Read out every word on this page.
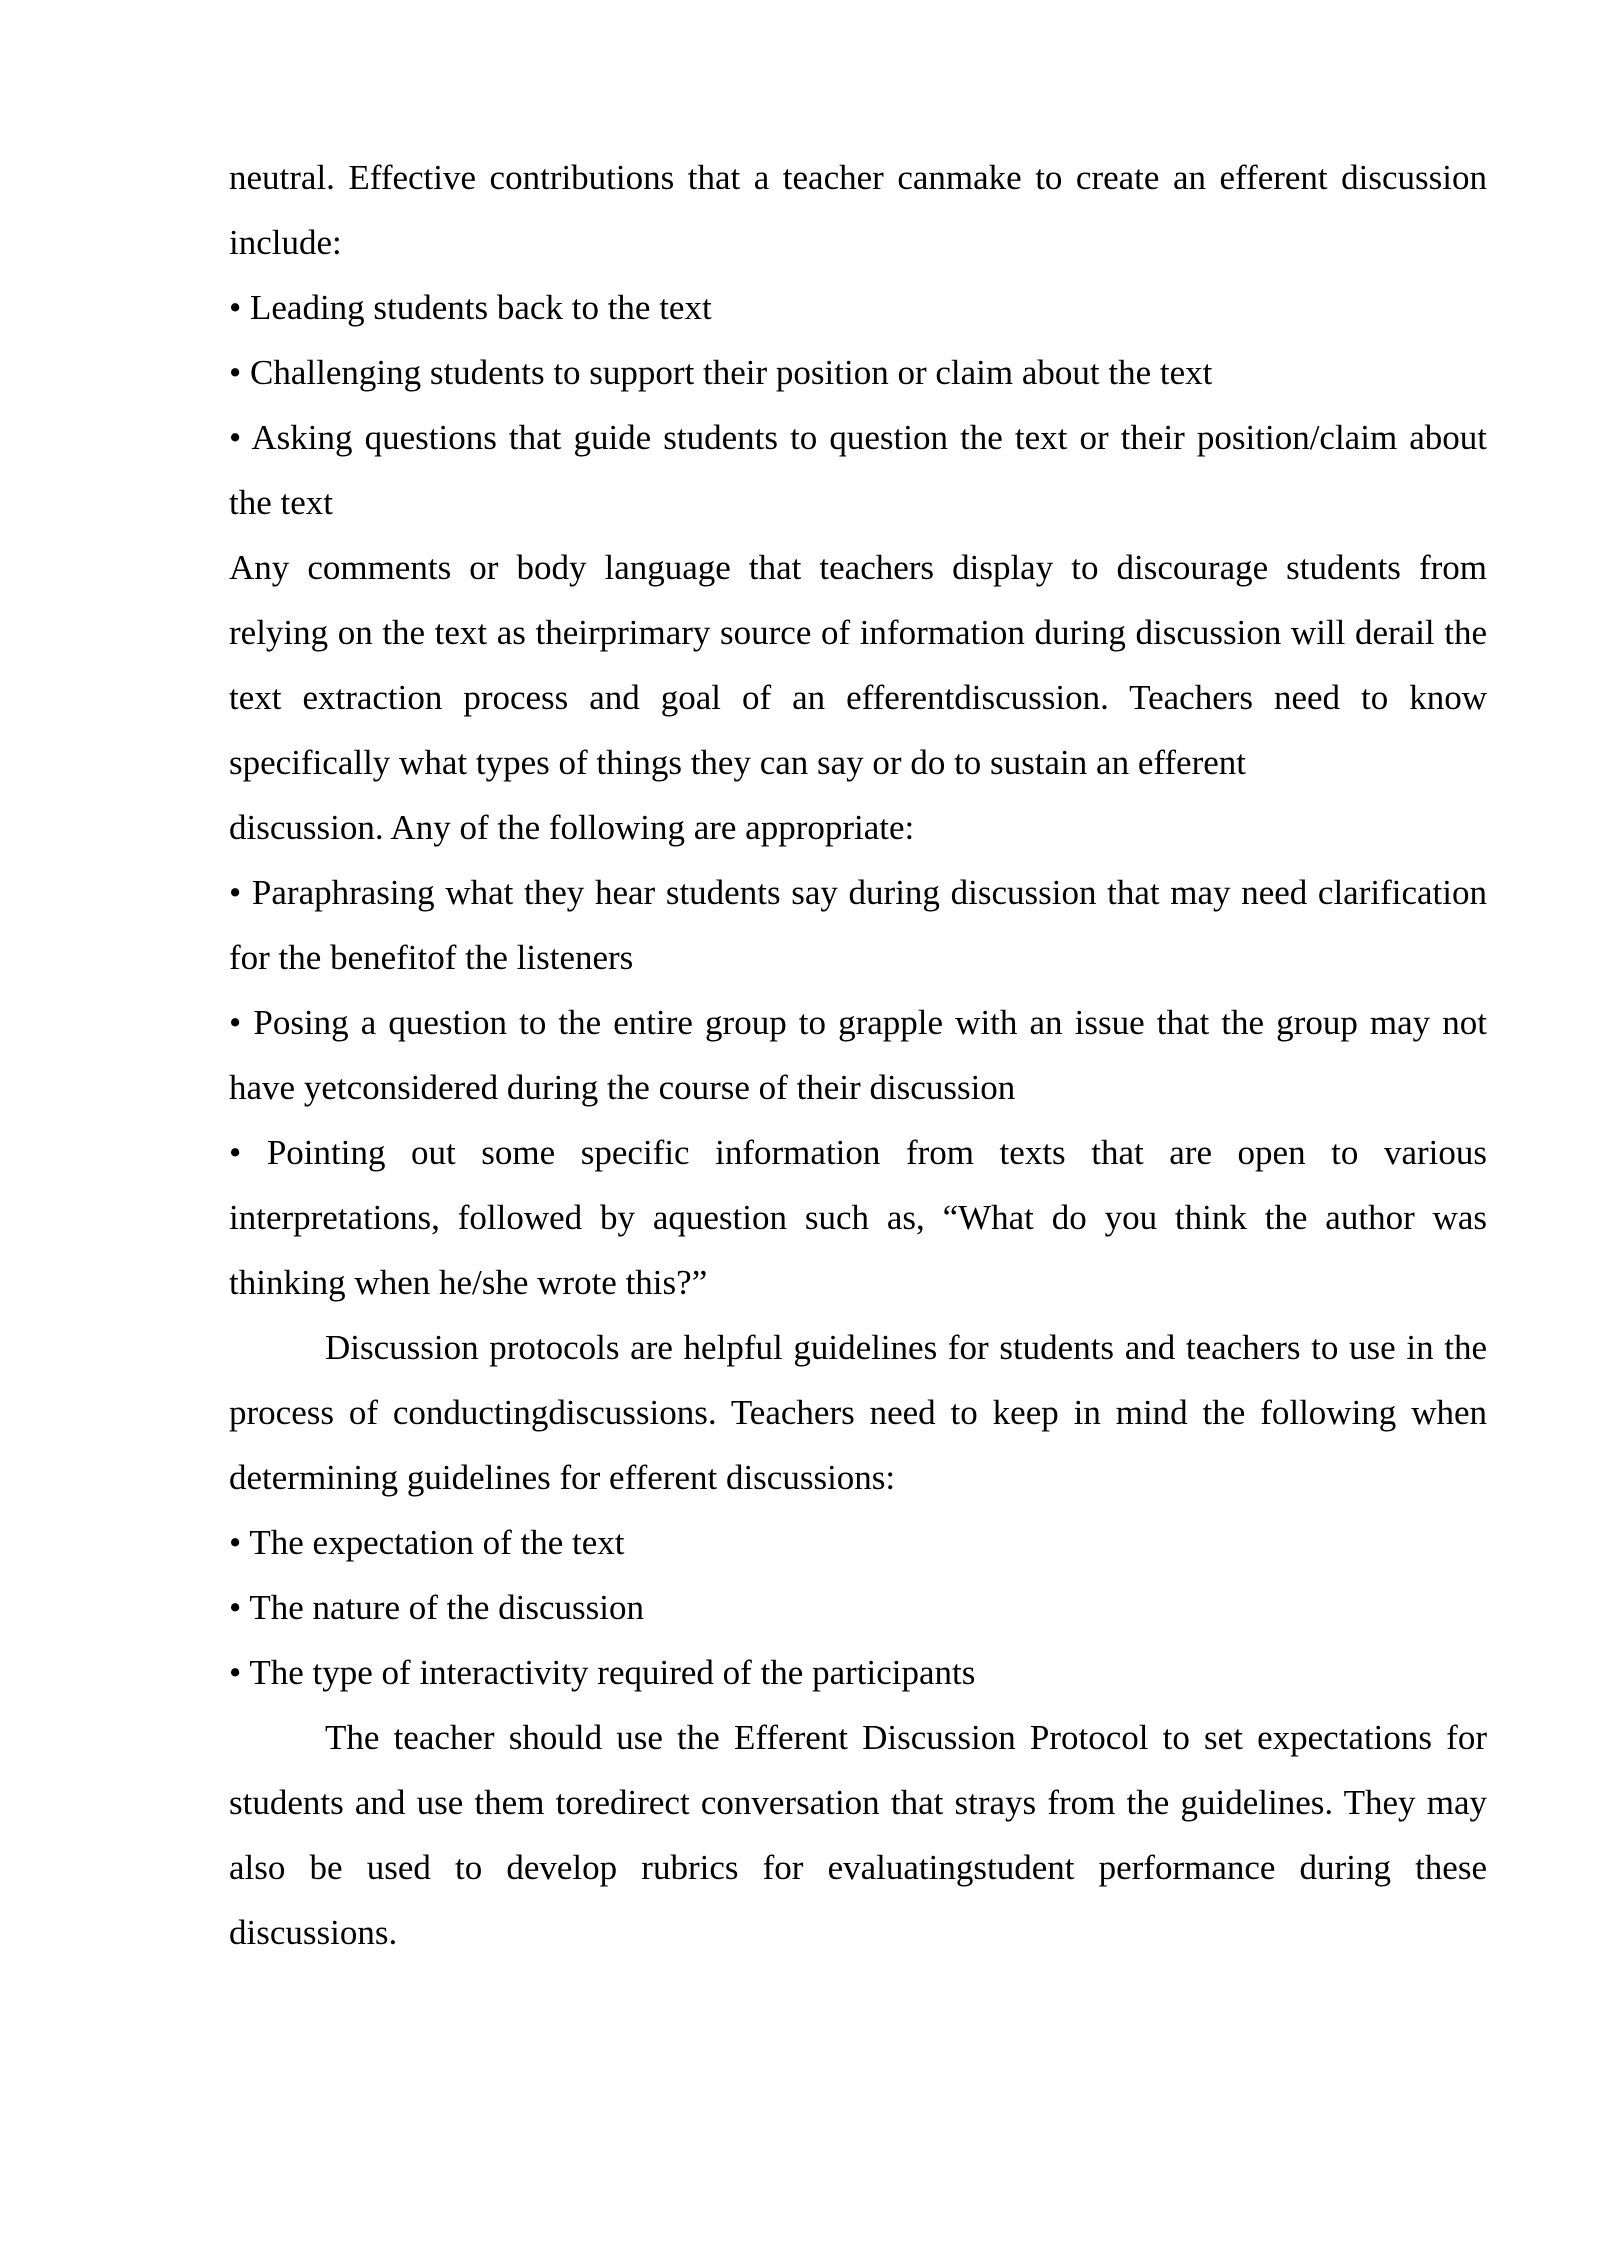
neutral. Effective contributions that a teacher canmake to create an efferent discussion include:

• Leading students back to the text

• Challenging students to support their position or claim about the text

• Asking questions that guide students to question the text or their position/claim about the text

Any comments or body language that teachers display to discourage students from relying on the text as theirprimary source of information during discussion will derail the text extraction process and goal of an efferentdiscussion. Teachers need to know specifically what types of things they can say or do to sustain an efferent

discussion. Any of the following are appropriate:

• Paraphrasing what they hear students say during discussion that may need clarification for the benefitof the listeners

• Posing a question to the entire group to grapple with an issue that the group may not have yetconsidered during the course of their discussion

• Pointing out some specific information from texts that are open to various interpretations, followed by aquestion such as, “What do you think the author was thinking when he/she wrote this?”

Discussion protocols are helpful guidelines for students and teachers to use in the process of conductingdiscussions. Teachers need to keep in mind the following when determining guidelines for efferent discussions:

• The expectation of the text

• The nature of the discussion

• The type of interactivity required of the participants

The teacher should use the Efferent Discussion Protocol to set expectations for students and use them toredirect conversation that strays from the guidelines. They may also be used to develop rubrics for evaluatingstudent performance during these discussions.
